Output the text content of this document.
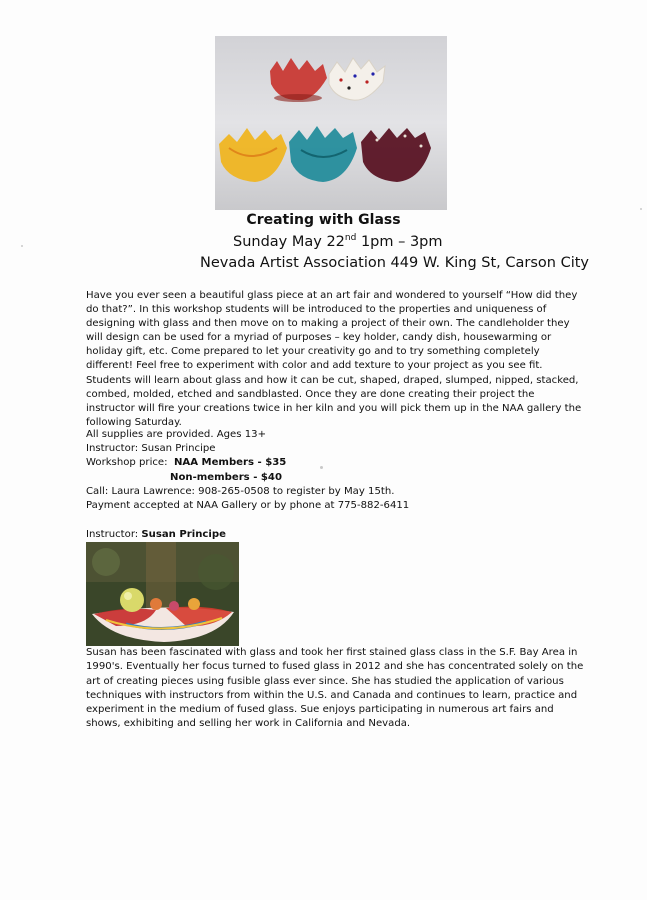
Creating with Glass
Sunday May 22nd 1pm – 3pm
Nevada Artist Association 449 W. King St, Carson City

Have you ever seen a beautiful glass piece at an art fair and wondered to yourself “How did they do that?”. In this workshop students will be introduced to the properties and uniqueness of designing with glass and then move on to making a project of their own. The candleholder they will design can be used for a myriad of purposes – key holder, candy dish, housewarming or holiday gift, etc. Come prepared to let your creativity go and to try something completely different! Feel free to experiment with color and add texture to your project as you see fit. Students will learn about glass and how it can be cut, shaped, draped, slumped, nipped, stacked, combed, molded, etched and sandblasted. Once they are done creating their project the instructor will fire your creations twice in her kiln and you will pick them up in the NAA gallery the following Saturday.

All supplies are provided. Ages 13+
Instructor: Susan Principe
Workshop price: NAA Members - $35
Non-members - $40
Call: Laura Lawrence: 908-265-0508 to register by May 15th.
Payment accepted at NAA Gallery or by phone at 775-882-6411
Instructor: Susan Principe

Susan has been fascinated with glass and took her first stained glass class in the S.F. Bay Area in 1990's. Eventually her focus turned to fused glass in 2012 and she has concentrated solely on the art of creating pieces using fusible glass ever since. She has studied the application of various techniques with instructors from within the U.S. and Canada and continues to learn, practice and experiment in the medium of fused glass. Sue enjoys participating in numerous art fairs and shows, exhibiting and selling her work in California and Nevada.
